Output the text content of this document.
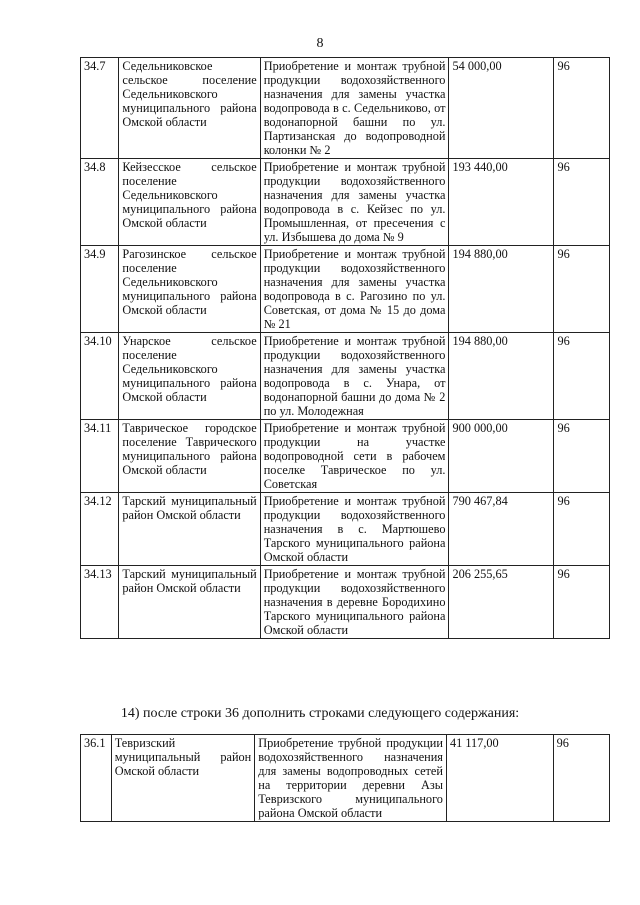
8
34.7	Седельниковское сельское поселение Седельниковского муниципального района Омской области	Приобретение и монтаж трубной продукции водохозяйственного назначения для замены участка водопровода в с. Седельниково, от водонапорной башни по ул. Партизанская до водопроводной колонки № 2	54 000,00	96
34.8	Кейзесское сельское поселение Седельниковского муниципального района Омской области	Приобретение и монтаж трубной продукции водохозяйственного назначения для замены участка водопровода в с. Кейзес по ул. Промышленная, от пресечения с ул. Избышева до дома № 9	193 440,00	96
34.9	Рагозинское сельское поселение Седельниковского муниципального района Омской области	Приобретение и монтаж трубной продукции водохозяйственного назначения для замены участка водопровода в с. Рагозино по ул. Советская, от дома № 15 до дома № 21	194 880,00	96
34.10	Унарское сельское поселение Седельниковского муниципального района Омской области	Приобретение и монтаж трубной продукции водохозяйственного назначения для замены участка водопровода в с. Унара, от водонапорной башни до дома № 2 по ул. Молодежная	194 880,00	96
34.11	Таврическое городское поселение Таврического муниципального района Омской области	Приобретение и монтаж трубной продукции на участке водопроводной сети в рабочем поселке Таврическое по ул. Советская	900 000,00	96
34.12	Тарский муниципальный район Омской области	Приобретение и монтаж трубной продукции водохозяйственного назначения в с. Мартюшево Тарского муниципального района Омской области	790 467,84	96
34.13	Тарский муниципальный район Омской области	Приобретение и монтаж трубной продукции водохозяйственного назначения в деревне Бородихино Тарского муниципального района Омской области	206 255,65	96
14) после строки 36 дополнить строками следующего содержания:
36.1	Тевризский муниципальный район Омской области	Приобретение трубной продукции водохозяйственного назначения для замены водопроводных сетей на территории деревни Азы Тевризского муниципального района Омской области	41 117,00	96
